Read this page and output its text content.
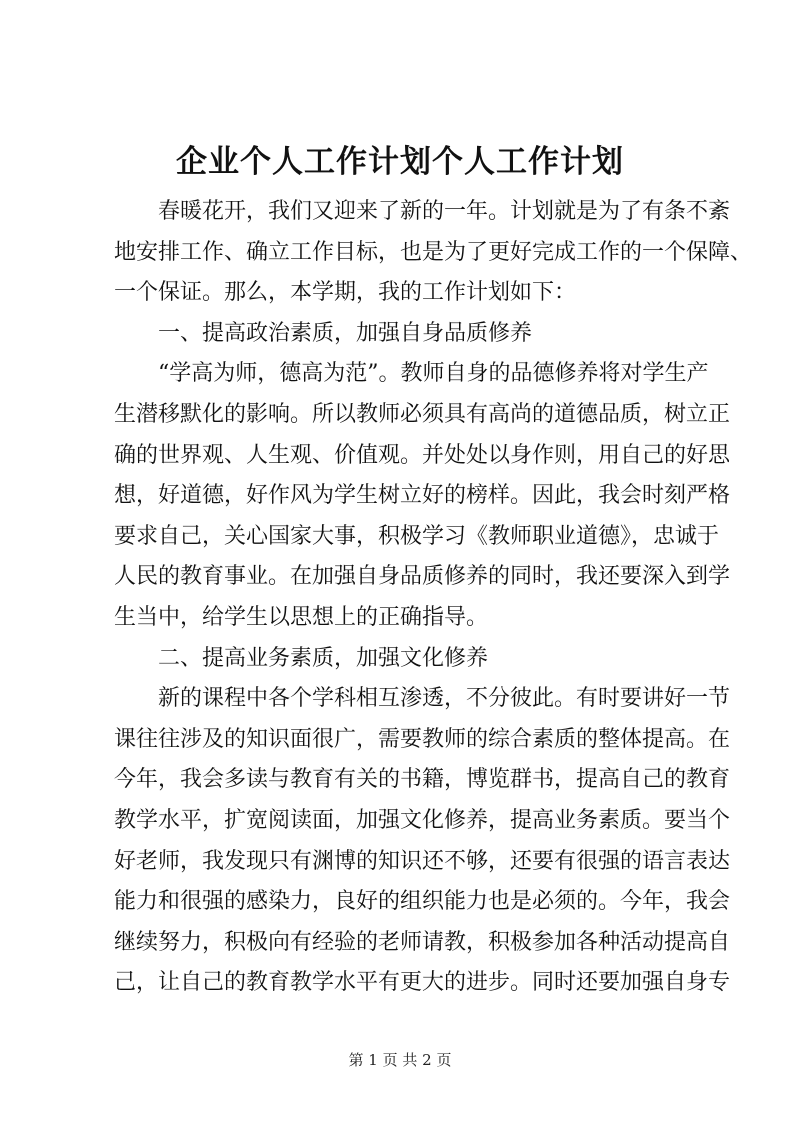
企业个人工作计划个人工作计划
春暖花开，我们又迎来了新的一年。计划就是为了有条不紊
地安排工作、确立工作目标，也是为了更好完成工作的一个保障、
一个保证。那么，本学期，我的工作计划如下：
一、提高政治素质，加强自身品质修养
“学高为师，德高为范”。教师自身的品德修养将对学生产
生潜移默化的影响。所以教师必须具有高尚的道德品质，树立正
确的世界观、人生观、价值观。并处处以身作则，用自己的好思
想，好道德，好作风为学生树立好的榜样。因此，我会时刻严格
要求自己，关心国家大事，积极学习《教师职业道德》，忠诚于
人民的教育事业。在加强自身品质修养的同时，我还要深入到学
生当中，给学生以思想上的正确指导。
二、提高业务素质，加强文化修养
新的课程中各个学科相互渗透，不分彼此。有时要讲好一节
课往往涉及的知识面很广，需要教师的综合素质的整体提高。在
今年，我会多读与教育有关的书籍，博览群书，提高自己的教育
教学水平，扩宽阅读面，加强文化修养，提高业务素质。要当个
好老师，我发现只有渊博的知识还不够，还要有很强的语言表达
能力和很强的感染力，良好的组织能力也是必须的。今年，我会
继续努力，积极向有经验的老师请教，积极参加各种活动提高自
己，让自己的教育教学水平有更大的进步。同时还要加强自身专
第 1 页 共 2 页
